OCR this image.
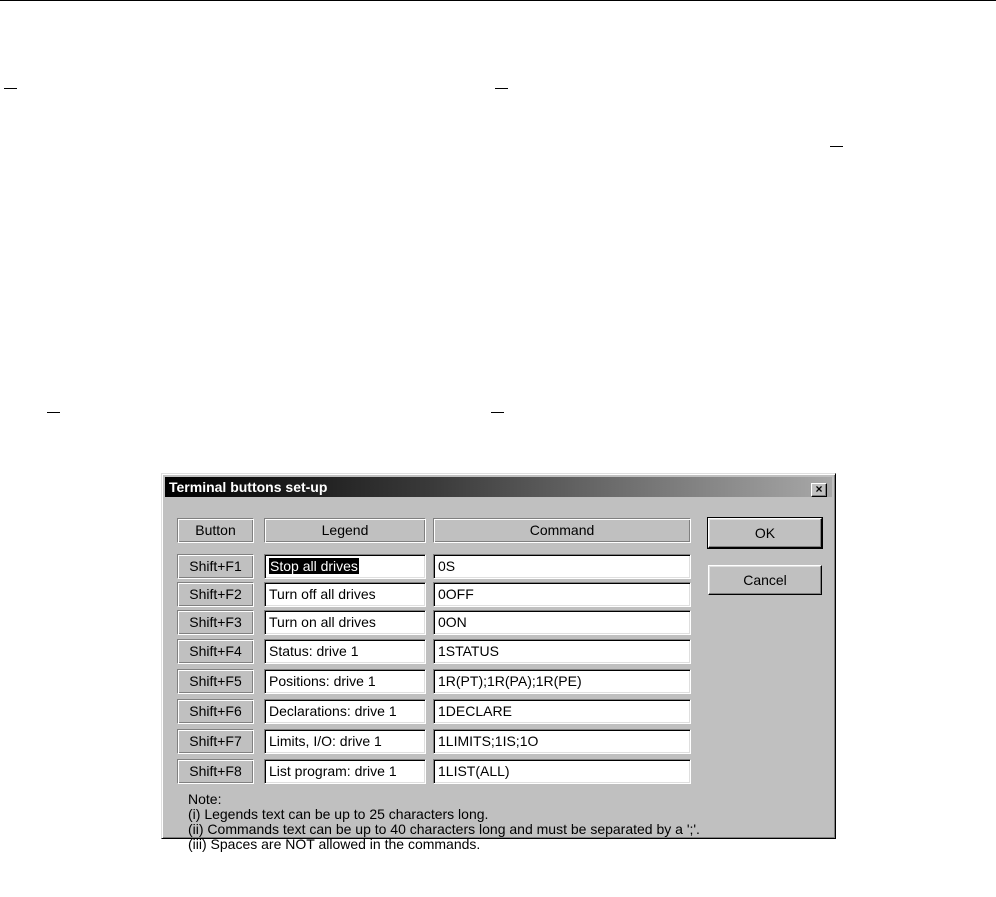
Terminal buttons set-up	×
Button	Legend	Command
Shift+F1	Stop all drives	0S
Shift+F2	Turn off all drives	0OFF
Shift+F3	Turn on all drives	0ON
Shift+F4	Status: drive 1	1STATUS
Shift+F5	Positions: drive 1	1R(PT);1R(PA);1R(PE)
Shift+F6	Declarations: drive 1	1DECLARE
Shift+F7	Limits, I/O: drive 1	1LIMITS;1IS;1O
Shift+F8	List program: drive 1	1LIST(ALL)
OK
Cancel
Note:
(i) Legends text can be up to 25 characters long.
(ii) Commands text can be up to 40 characters long and must be separated by a ';'.
(iii) Spaces are NOT allowed in the commands.
